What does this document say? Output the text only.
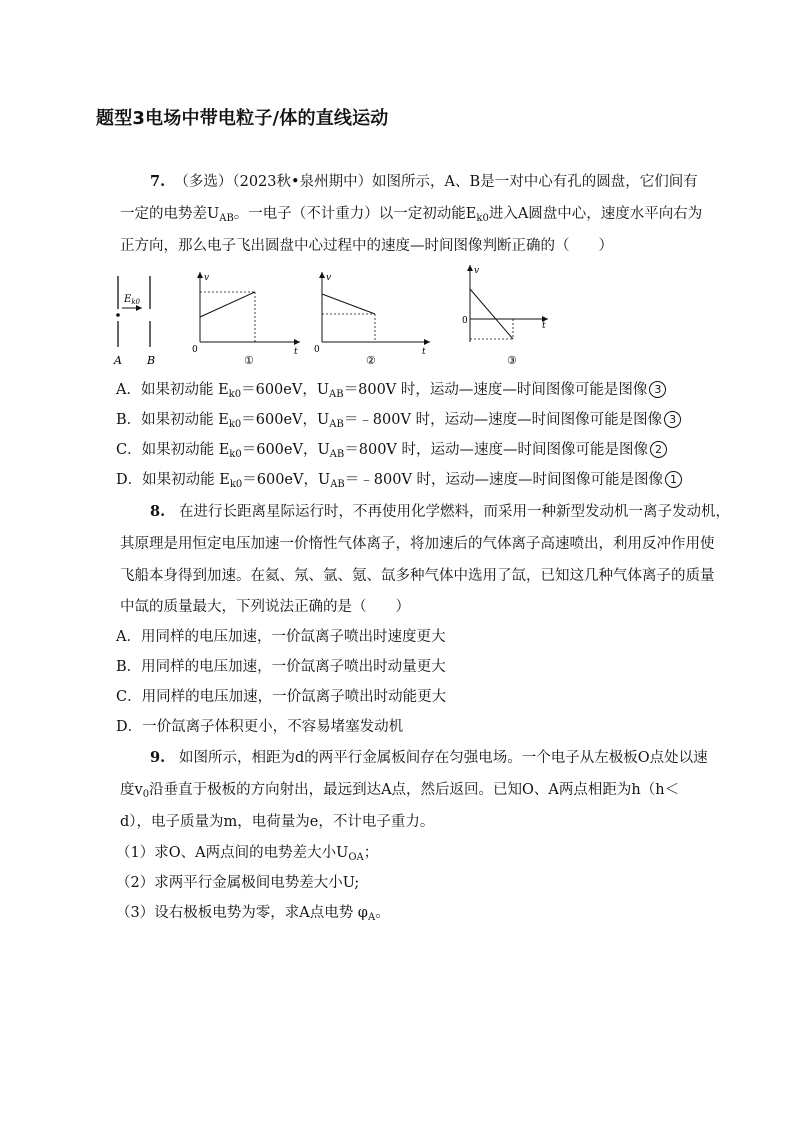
题型3电场中带电粒子/体的直线运动
7. （多选）（2023秋•泉州期中）如图所示，A、B是一对中心有孔的圆盘，它们间有
一定的电势差$U_{AB}$。一电子（不计重力）以一定初动能$E_{k0}$进入A圆盘中心，速度水平向右为
正方向，那么电子飞出圆盘中心过程中的速度—时间图像判断正确的（　　）
$E_{k0}$
A B
v
t
0
①
v
t
0
②
v
t
0
③
A．如果初动能 $E_{k0}=600eV$，$U_{AB}=800V$ 时，运动—速度—时间图像可能是图像 3
B．如果初动能 $E_{k0}=600eV$，$U_{AB}=﹣800V$ 时，运动—速度—时间图像可能是图像 3
C．如果初动能 $E_{k0}=600eV$，$U_{AB}=800V$ 时，运动—速度—时间图像可能是图像 2
D．如果初动能 $E_{k0}=600eV$，$U_{AB}=﹣800V$ 时，运动—速度—时间图像可能是图像 1
8. 在进行长距离星际运行时，不再使用化学燃料，而采用一种新型发动机一离子发动机，
其原理是用恒定电压加速一价惰性气体离子，将加速后的气体离子高速喷出，利用反冲作用使
飞船本身得到加速。在氦、氖、氩、氪、氙多种气体中选用了氙，已知这几种气体离子的质量
中氙的质量最大，下列说法正确的是（　　）
A．用同样的电压加速，一价氙离子喷出时速度更大
B．用同样的电压加速，一价氙离子喷出时动量更大
C．用同样的电压加速，一价氙离子喷出时动能更大
D．一价氙离子体积更小，不容易堵塞发动机
9. 如图所示，相距为d的两平行金属板间存在匀强电场。一个电子从左极板O点处以速
度$v_0$沿垂直于极板的方向射出，最远到达A点，然后返回。已知O、A两点相距为h（h＜
d），电子质量为m，电荷量为e，不计电子重力。
（1）求O、A两点间的电势差大小$U_{OA}$；
（2）求两平行金属极间电势差大小U;
（3）设右极板电势为零，求A点电势 $\varphi_A$。
